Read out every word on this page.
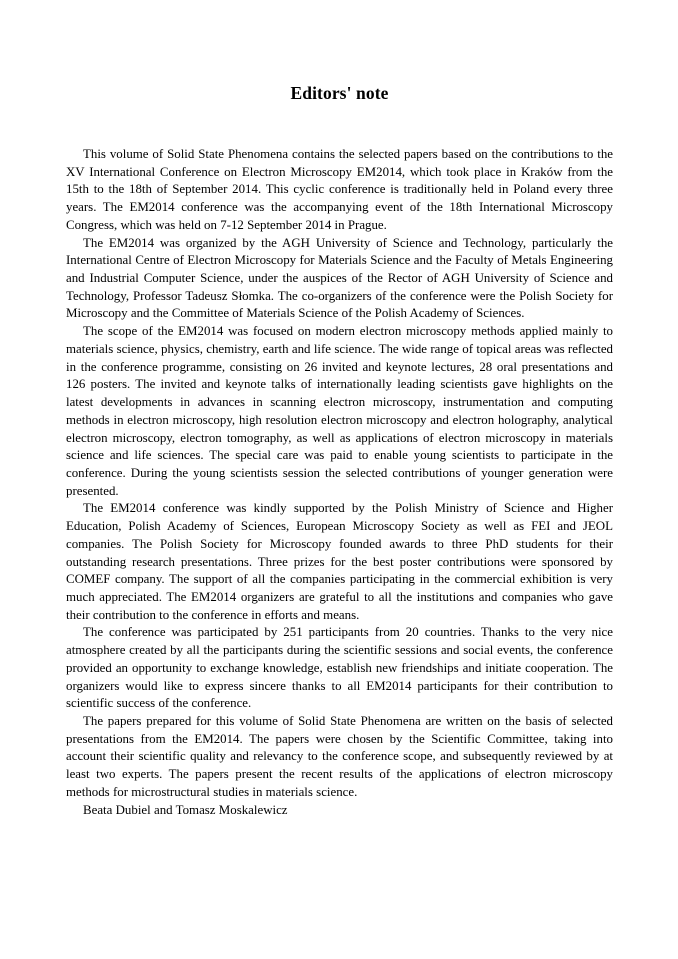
Editors' note

This volume of Solid State Phenomena contains the selected papers based on the contributions to the XV International Conference on Electron Microscopy EM2014, which took place in Kraków from the 15th to the 18th of September 2014. This cyclic conference is traditionally held in Poland every three years. The EM2014 conference was the accompanying event of the 18th International Microscopy Congress, which was held on 7-12 September 2014 in Prague.

The EM2014 was organized by the AGH University of Science and Technology, particularly the International Centre of Electron Microscopy for Materials Science and the Faculty of Metals Engineering and Industrial Computer Science, under the auspices of the Rector of AGH University of Science and Technology, Professor Tadeusz Słomka. The co-organizers of the conference were the Polish Society for Microscopy and the Committee of Materials Science of the Polish Academy of Sciences.

The scope of the EM2014 was focused on modern electron microscopy methods applied mainly to materials science, physics, chemistry, earth and life science. The wide range of topical areas was reflected in the conference programme, consisting on 26 invited and keynote lectures, 28 oral presentations and 126 posters. The invited and keynote talks of internationally leading scientists gave highlights on the latest developments in advances in scanning electron microscopy, instrumentation and computing methods in electron microscopy, high resolution electron microscopy and electron holography, analytical electron microscopy, electron tomography, as well as applications of electron microscopy in materials science and life sciences. The special care was paid to enable young scientists to participate in the conference. During the young scientists session the selected contributions of younger generation were presented.

The EM2014 conference was kindly supported by the Polish Ministry of Science and Higher Education, Polish Academy of Sciences, European Microscopy Society as well as FEI and JEOL companies. The Polish Society for Microscopy founded awards to three PhD students for their outstanding research presentations. Three prizes for the best poster contributions were sponsored by COMEF company. The support of all the companies participating in the commercial exhibition is very much appreciated. The EM2014 organizers are grateful to all the institutions and companies who gave their contribution to the conference in efforts and means.

The conference was participated by 251 participants from 20 countries. Thanks to the very nice atmosphere created by all the participants during the scientific sessions and social events, the conference provided an opportunity to exchange knowledge, establish new friendships and initiate cooperation. The organizers would like to express sincere thanks to all EM2014 participants for their contribution to scientific success of the conference.

The papers prepared for this volume of Solid State Phenomena are written on the basis of selected presentations from the EM2014. The papers were chosen by the Scientific Committee, taking into account their scientific quality and relevancy to the conference scope, and subsequently reviewed by at least two experts. The papers present the recent results of the applications of electron microscopy methods for microstructural studies in materials science.

Beata Dubiel and Tomasz Moskalewicz
